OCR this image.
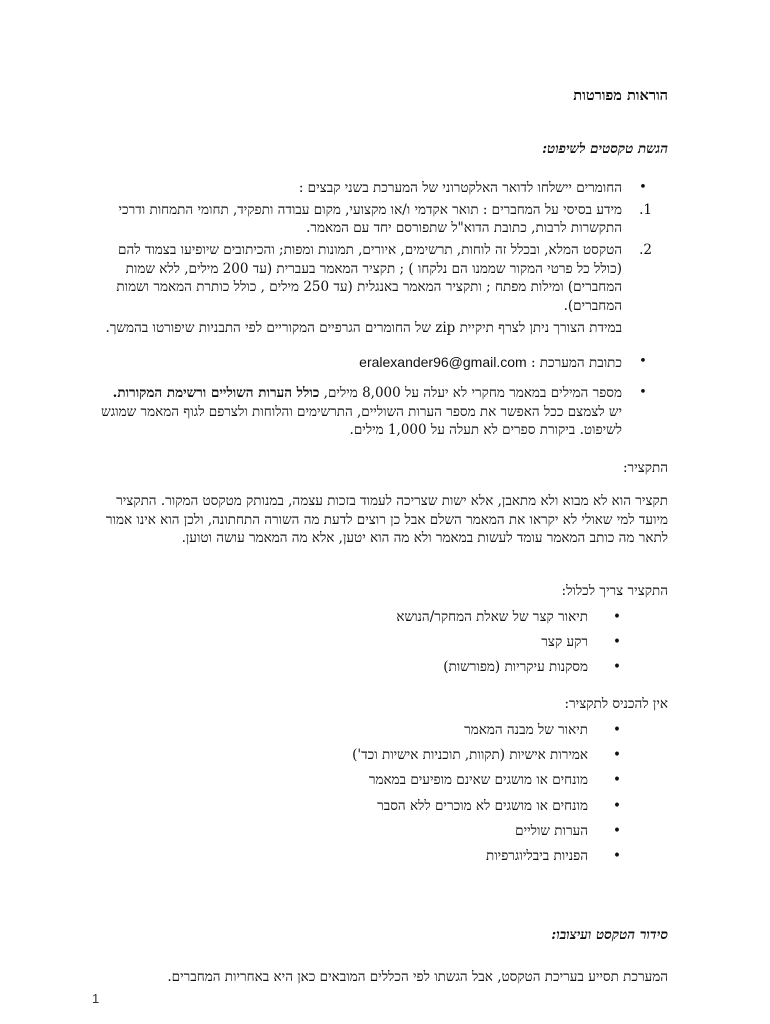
הוראות מפורטות
הגשת טקסטים לשיפוט:

•
החומרים יישלחו לדואר האלקטרוני של המערכת בשני קבצים :

1.
מידע בסיסי על המחברים : תואר אקדמי ו/או מקצועי, מקום עבודה ותפקיד, תחומי התמחות ודרכי התקשרות לרבות, כתובת הדוא"ל שתפורסם יחד עם המאמר.

2.
הטקסט המלא, ובכלל זה לוחות, תרשימים, איורים, תמונות ומפות; והכיתובים שיופיעו בצמוד להם (כולל כל פרטי המקור שממנו הם נלקחו ) ; תקציר המאמר בעברית (עד 200 מילים, ללא שמות המחברים) ומילות מפתח ; ותקציר המאמר באנגלית (עד 250 מילים , כולל כותרת המאמר ושמות המחברים).

במידת הצורך ניתן לצרף תיקיית zip של החומרים הגרפיים המקוריים לפי התבניות שיפורטו בהמשך.

•
כתובת המערכת : eralexander96@gmail.com

•
מספר המילים במאמר מחקרי לא יעלה על 8,000 מילים, כולל הערות השוליים ורשימת המקורות. יש לצמצם ככל האפשר את מספר הערות השוליים, התרשימים והלוחות ולצרפם לגוף המאמר שמוגש לשיפוט. ביקורת ספרים לא תעלה על 1,000 מילים.

התקציר:
תקציר הוא לא מבוא ולא מתאבן, אלא ישות שצריכה לעמוד בזכות עצמה, במנותק מטקסט המקור. התקציר מיועד למי שאולי לא יקראו את המאמר השלם אבל כן רוצים לדעת מה השורה התחתונה, ולכן הוא אינו אמור לתאר מה כותב המאמר עומד לעשות במאמר ולא מה הוא יטען, אלא מה המאמר עושה וטוען.
התקציר צריך לכלול:
•
תיאור קצר של שאלת המחקר/הנושא
•
רקע קצר
•
מסקנות עיקריות (מפורשות)
אין להכניס לתקציר:
•
תיאור של מבנה המאמר
•
אמירות אישיות (תקוות, תוכניות אישיות וכד')
•
מונחים או מושגים שאינם מופיעים במאמר
•
מונחים או מושגים לא מוכרים ללא הסבר
•
הערות שוליים
•
הפניות ביבליוגרפיות
סידור הטקסט ועיצובו:
המערכת תסייע בעריכת הטקסט, אבל הגשתו לפי הכללים המובאים כאן היא באחריות המחברים.
1
